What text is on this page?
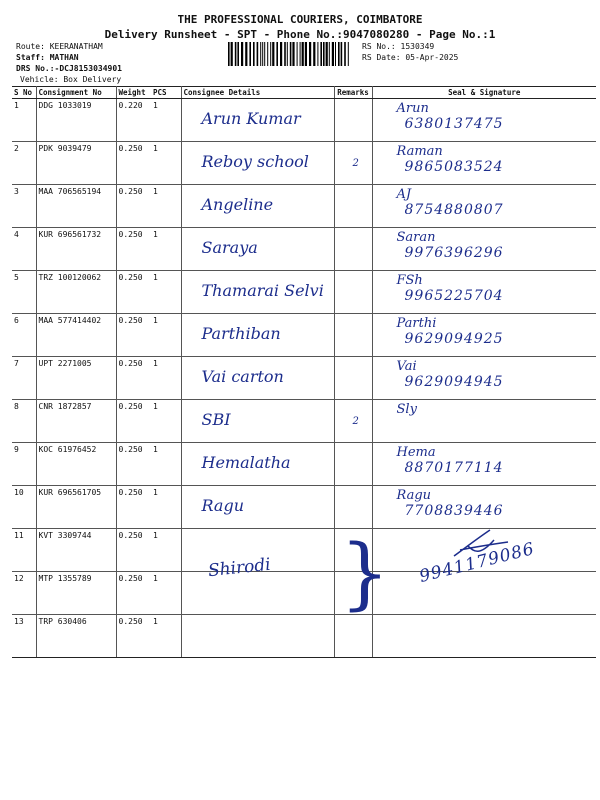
THE PROFESSIONAL COURIERS, COIMBATORE
Delivery Runsheet - SPT - Phone No.:9047080280 - Page No.:1
Route: KEERANATHAM
Staff: MATHAN
DRS No.:-DCJ8153034901
Vehicle: Box Delivery
RS No.: 1530349
RS Date: 05-Apr-2025
S No	Consignment No	Weight	PCS	Consignee Details	Remarks	Seal & Signature
1	DDG 1033019	0.220	1	Arun Kumar		Arun
6380137475

2	PDK 9039479	0.250	1	Reboy school	2	Raman
9865083524

3	MAA 706565194	0.250	1	Angeline		AJ
8754880807

4	KUR 696561732	0.250	1	Saraya		Saran
9976396296

5	TRZ 100120062	0.250	1	Thamarai Selvi		FSh
9965225704

6	MAA 577414402	0.250	1	Parthiban		Parthi
9629094925

7	UPT 2271005	0.250	1	Vai carton		Vai
9629094945

8	CNR 1872857	0.250	1	SBI	2	Sly

9	KOC 61976452	0.250	1	Hemalatha		Hema
8870177114

10	KUR 696561705	0.250	1	Ragu		Ragu
7708839446

11	KVT 3309744	0.250	1			
12	MTP 1355789	0.250	1			
13	TRP 630406	0.250	1			
}
Shirodi	9941179086
